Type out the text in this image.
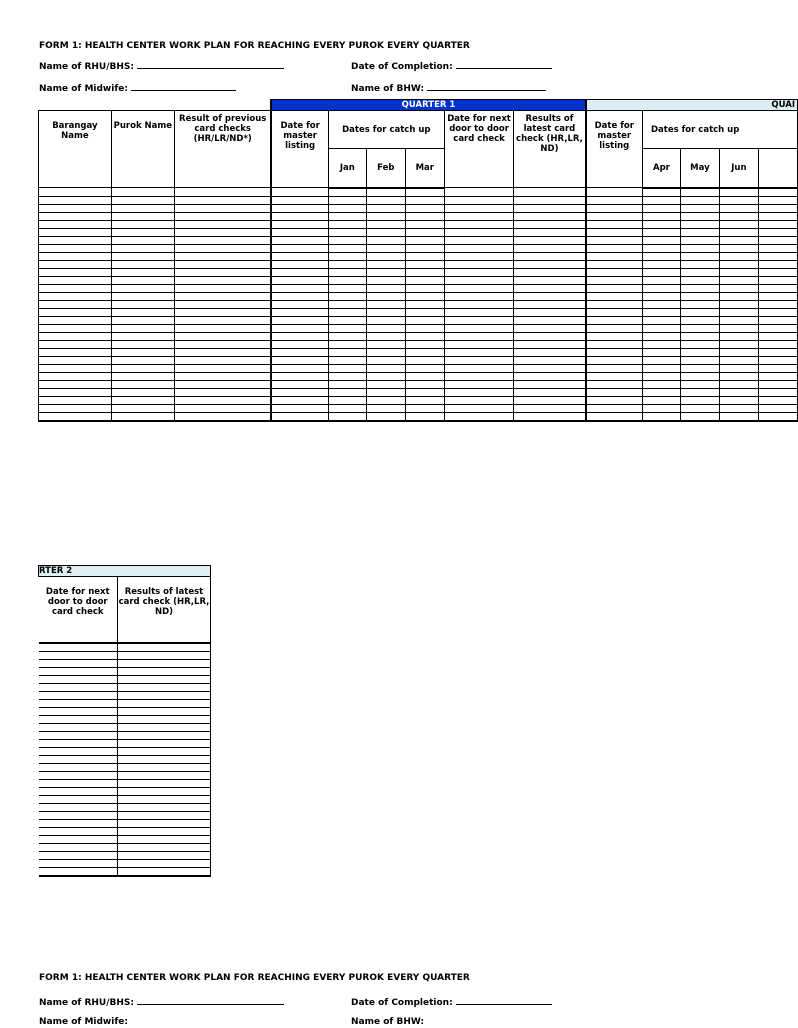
FORM 1: HEALTH CENTER WORK PLAN FOR REACHING EVERY PUROK EVERY QUARTER
Name of RHU/BHS:	Date of Completion:
Name of Midwife:	Name of BHW:
			QUARTER 1						QUAI				
Barangay Name	Purok Name	Result of previous card checks (HR/LR/ND*)	Date for master listing	Dates for catch up			Date for next door to door card check	Results of latest card check (HR,LR, ND)	Date for master listing	Dates for catch up			
				Jan	Feb	Mar				Apr	May	Jun	

FORM 1: HEALTH CENTER WORK PLAN FOR REACHING EVERY PUROK EVERY QUARTER
Name of RHU/BHS:	Date of Completion:
Name of Midwife:	Name of BHW:
RTER 2	
Date for next door to door card check	Results of latest card check (HR,LR, ND)
